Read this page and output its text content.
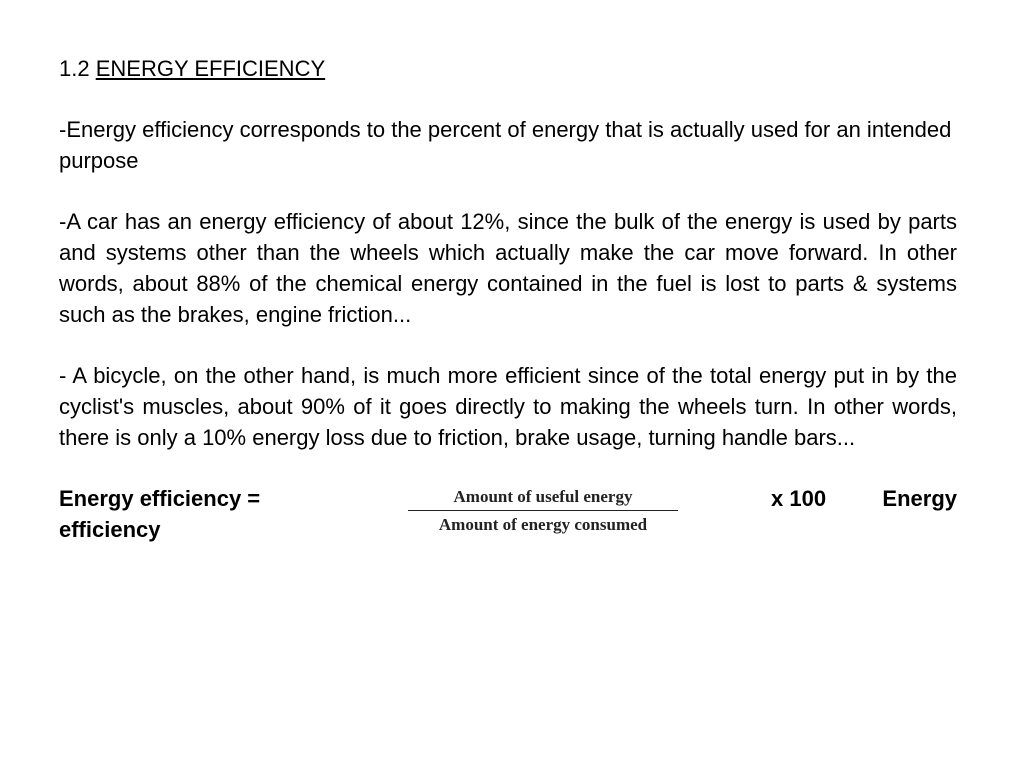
1.2 ENERGY EFFICIENCY

-Energy efficiency corresponds to the percent of energy that is actually used for an intended purpose

-A car has an energy efficiency of about 12%, since the bulk of the energy is used by parts and systems other than the wheels which actually make the car move forward. In other words, about 88% of the chemical energy contained in the fuel is lost to parts & systems such as the brakes, engine friction...

- A bicycle, on the other hand, is much more efficient since of the total energy put in by the cyclist's muscles, about 90% of it goes directly to making the wheels turn. In other words, there is only a 10% energy loss due to friction, brake usage, turning handle bars...

Energy efficiency =
efficiency
Amount of useful energy
Amount of energy consumed
x 100	Energy
